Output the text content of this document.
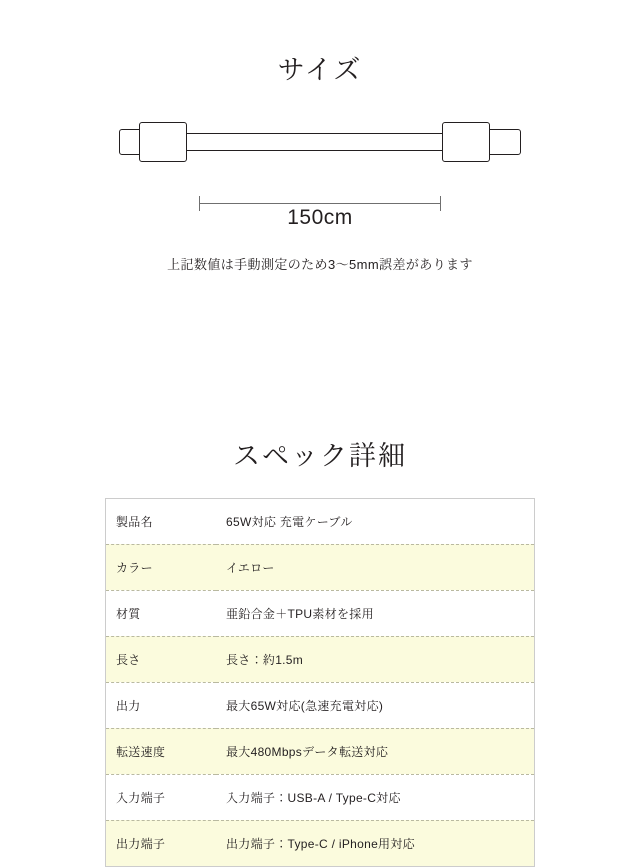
サイズ
150cm

上記数値は手動測定のため3〜5mm誤差があります

スペック詳細
製品名	65W対応 充電ケーブル
カラー	イエロー
材質	亜鉛合金＋TPU素材を採用
長さ	長さ：約1.5m
出力	最大65W対応(急速充電対応)
転送速度	最大480Mbpsデータ転送対応
入力端子	入力端子：USB-A / Type-C対応
出力端子	出力端子：Type-C / iPhone用対応
